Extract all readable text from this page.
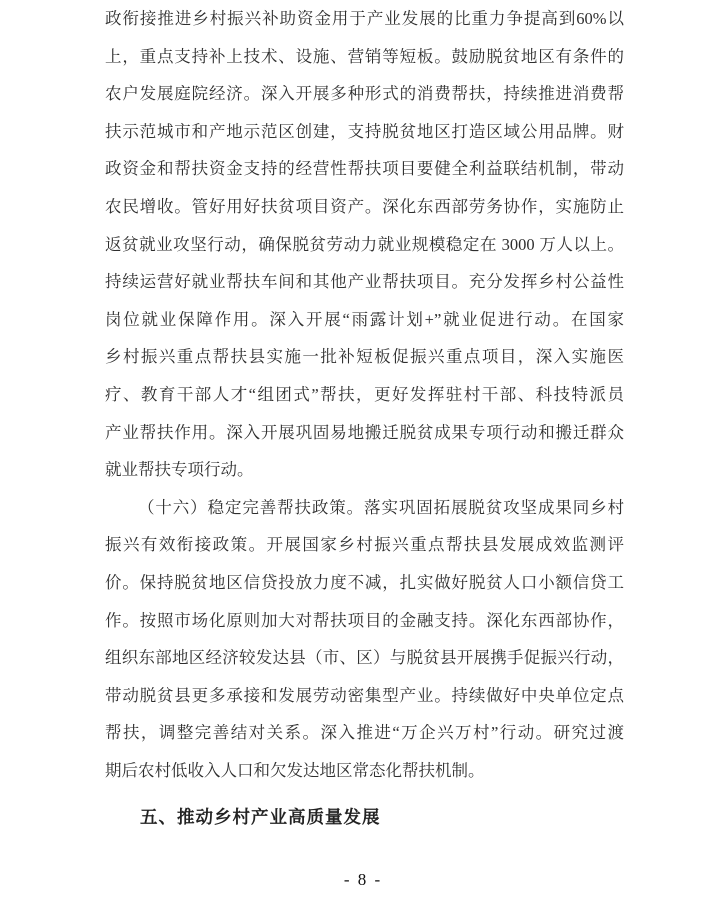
政衔接推进乡村振兴补助资金用于产业发展的比重力争提高到60%以
上，重点支持补上技术、设施、营销等短板。鼓励脱贫地区有条件的
农户发展庭院经济。深入开展多种形式的消费帮扶，持续推进消费帮
扶示范城市和产地示范区创建，支持脱贫地区打造区域公用品牌。财
政资金和帮扶资金支持的经营性帮扶项目要健全利益联结机制，带动
农民增收。管好用好扶贫项目资产。深化东西部劳务协作，实施防止
返贫就业攻坚行动，确保脱贫劳动力就业规模稳定在 3000 万人以上。
持续运营好就业帮扶车间和其他产业帮扶项目。充分发挥乡村公益性
岗位就业保障作用。深入开展“雨露计划+”就业促进行动。在国家
乡村振兴重点帮扶县实施一批补短板促振兴重点项目，深入实施医
疗、教育干部人才“组团式”帮扶，更好发挥驻村干部、科技特派员
产业帮扶作用。深入开展巩固易地搬迁脱贫成果专项行动和搬迁群众
就业帮扶专项行动。
（十六）稳定完善帮扶政策。落实巩固拓展脱贫攻坚成果同乡村
振兴有效衔接政策。开展国家乡村振兴重点帮扶县发展成效监测评
价。保持脱贫地区信贷投放力度不减，扎实做好脱贫人口小额信贷工
作。按照市场化原则加大对帮扶项目的金融支持。深化东西部协作，
组织东部地区经济较发达县（市、区）与脱贫县开展携手促振兴行动，
带动脱贫县更多承接和发展劳动密集型产业。持续做好中央单位定点
帮扶，调整完善结对关系。深入推进“万企兴万村”行动。研究过渡
期后农村低收入人口和欠发达地区常态化帮扶机制。
五、推动乡村产业高质量发展
- 8 -
